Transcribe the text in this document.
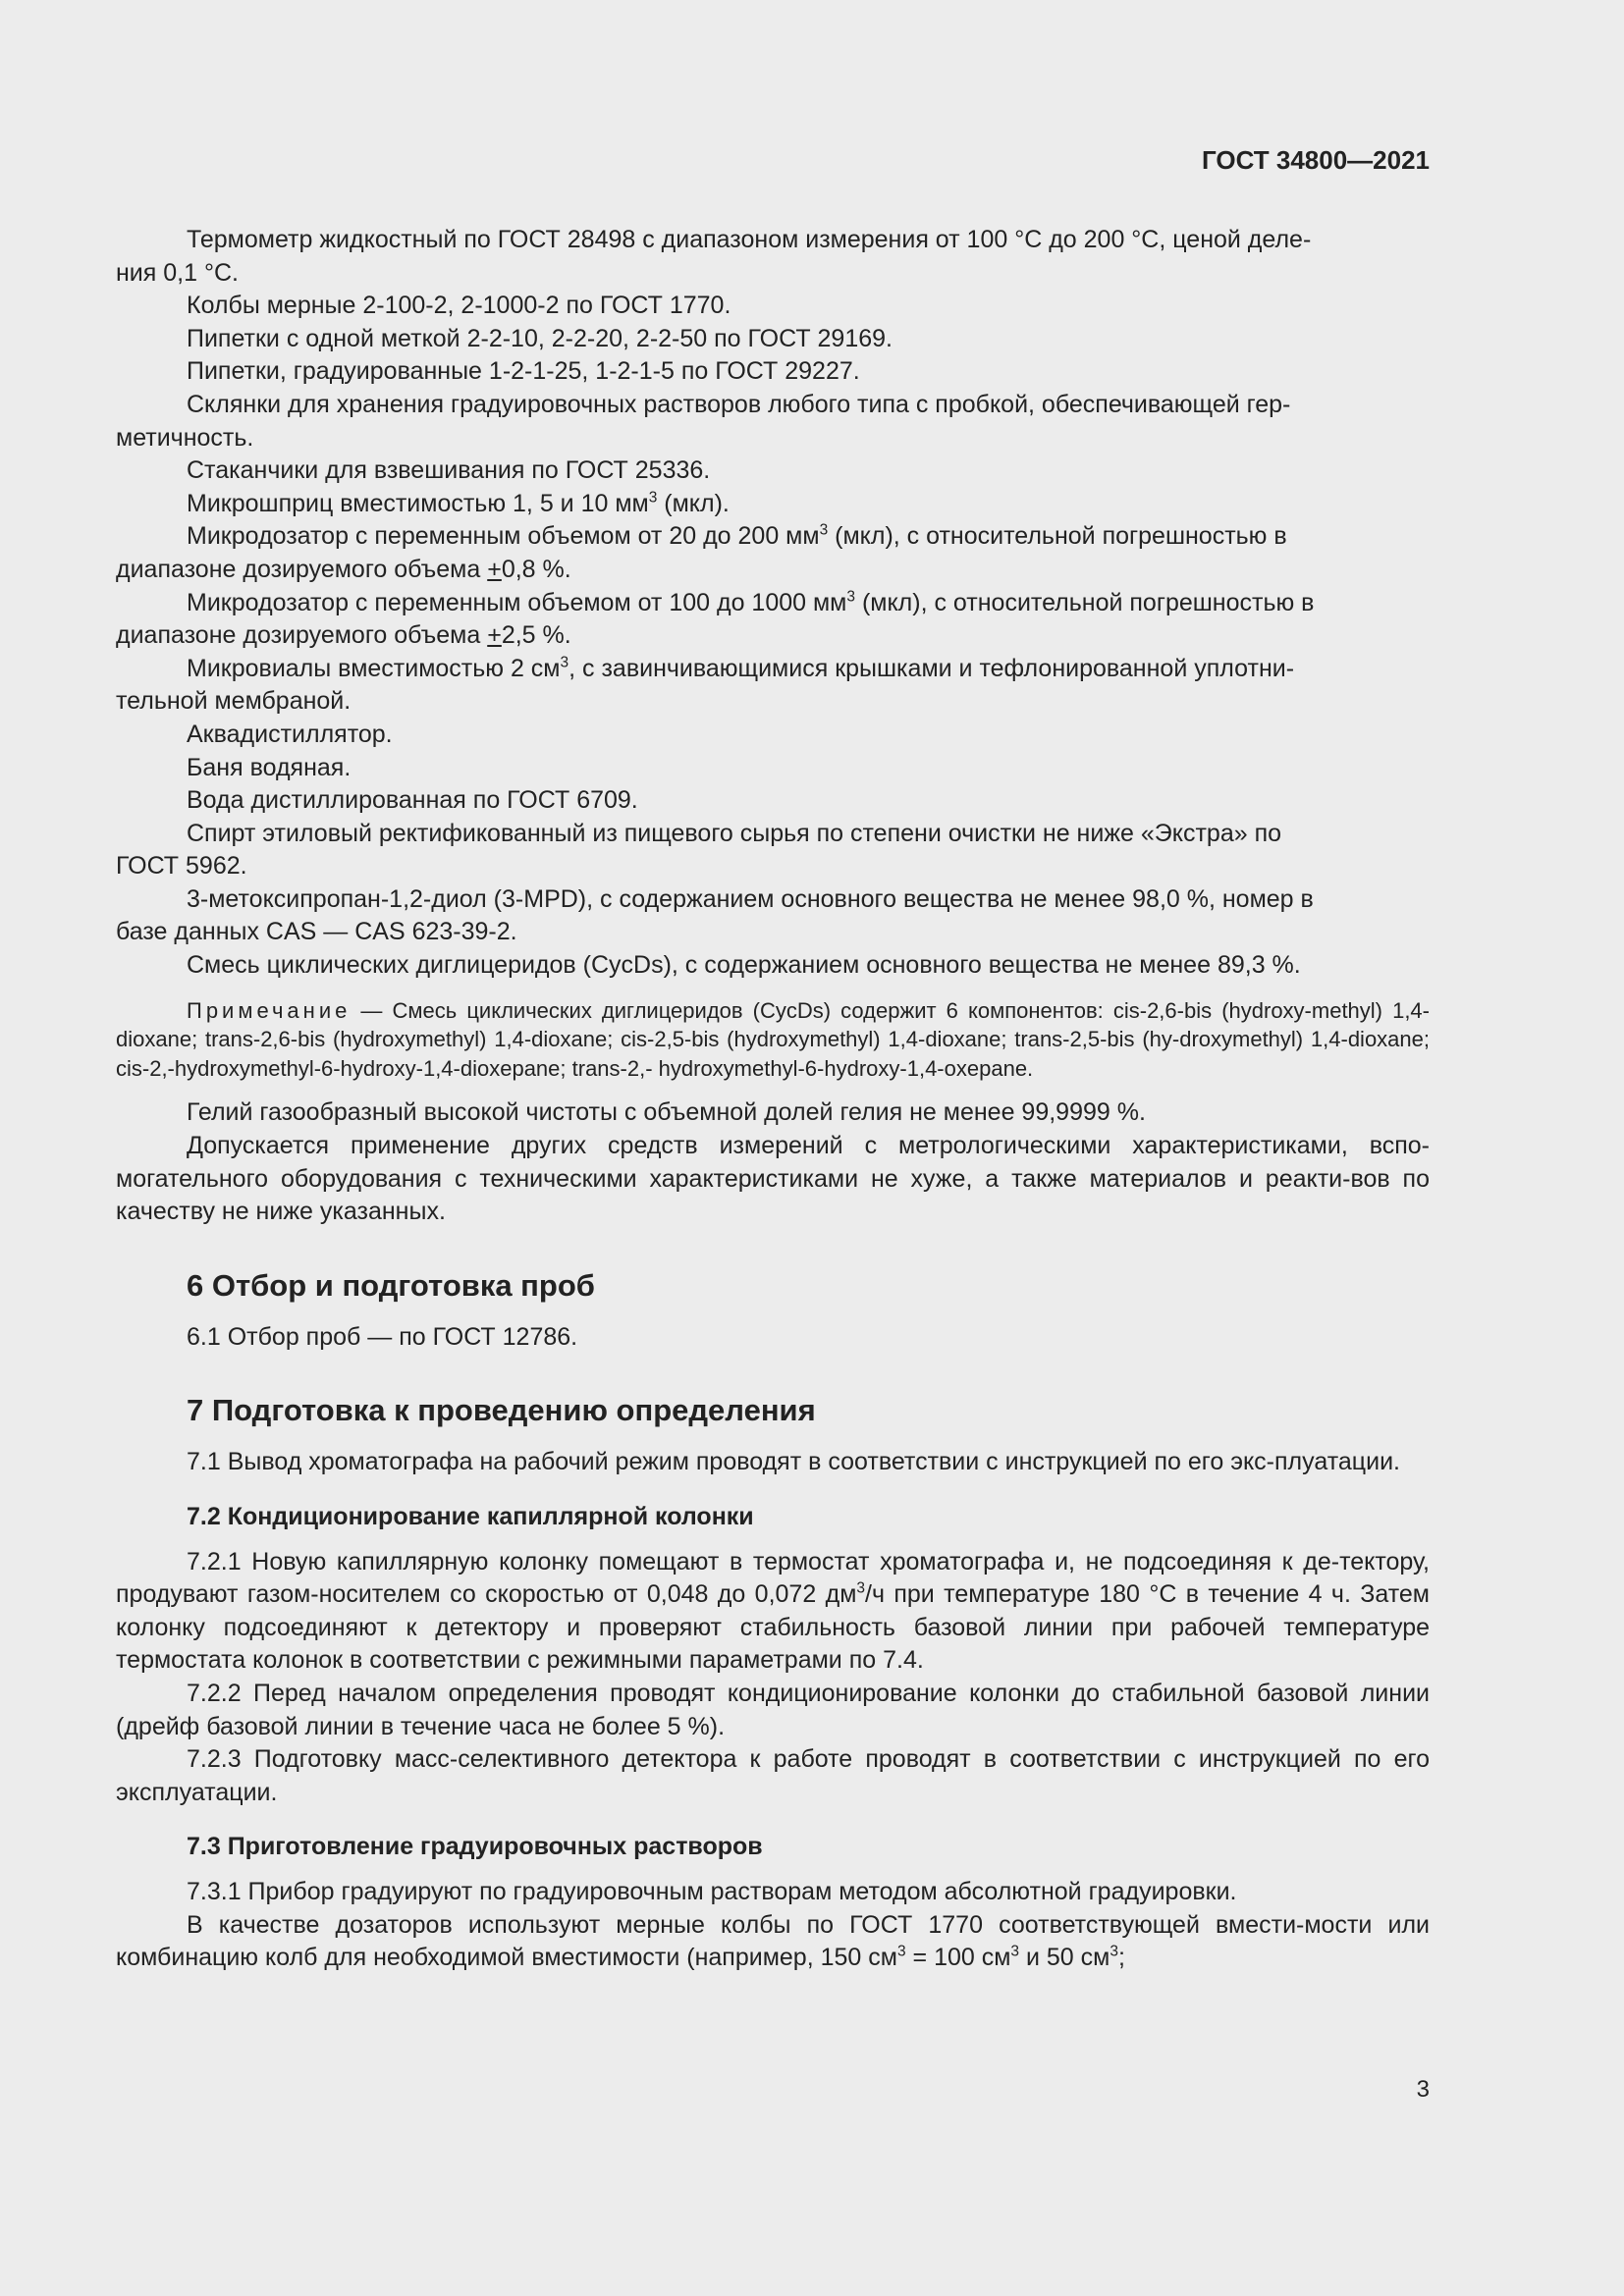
ГОСТ 34800—2021

Термометр жидкостный по ГОСТ 28498 с диапазоном измерения от 100 °С до 200 °С, ценой деле-
ния 0,1 °С.

Колбы мерные 2-100-2, 2-1000-2 по ГОСТ 1770.

Пипетки с одной меткой 2-2-10, 2-2-20, 2-2-50 по ГОСТ 29169.

Пипетки, градуированные 1-2-1-25, 1-2-1-5 по ГОСТ 29227.

Склянки для хранения градуировочных растворов любого типа с пробкой, обеспечивающей гер-
метичность.

Стаканчики для взвешивания по ГОСТ 25336.

Микрошприц вместимостью 1, 5 и 10 $мм^3$ (мкл).

Микродозатор с переменным объемом от 20 до 200 $мм^3$ (мкл), с относительной погрешностью в
диапазоне дозируемого объема +0,8 %.

Микродозатор с переменным объемом от 100 до 1000 $мм^3$ (мкл), с относительной погрешностью в
диапазоне дозируемого объема +2,5 %.

Микровиалы вместимостью 2 $см^3$, с завинчивающимися крышками и тефлонированной уплотни-
тельной мембраной.

Аквадистиллятор.

Баня водяная.

Вода дистиллированная по ГОСТ 6709.

Спирт этиловый ректификованный из пищевого сырья по степени очистки не ниже «Экстра» по
ГОСТ 5962.

3-метоксипропан-1,2-диол (3-MPD), с содержанием основного вещества не менее 98,0 %, номер в
базе данных CAS — CAS 623-39-2.

Смесь циклических диглицеридов (CycDs), с содержанием основного вещества не менее 89,3 %.

Примечание — Смесь циклических диглицеридов (CycDs) содержит 6 компонентов: cis-2,6-bis (hydroxy-methyl) 1,4-dioxane; trans-2,6-bis (hydroxymethyl) 1,4-dioxane; cis-2,5-bis (hydroxymethyl) 1,4-dioxane; trans-2,5-bis (hy-droxymethyl) 1,4-dioxane; cis-2,-hydroxymethyl-6-hydroxy-1,4-dioxepane; trans-2,- hydroxymethyl-6-hydroxy-1,4-oxepane.

Гелий газообразный высокой чистоты с объемной долей гелия не менее 99,9999 %.

Допускается применение других средств измерений с метрологическими характеристиками, вспо-могательного оборудования с техническими характеристиками не хуже, а также материалов и реакти-вов по качеству не ниже указанных.

6 Отбор и подготовка проб

6.1 Отбор проб — по ГОСТ 12786.

7 Подготовка к проведению определения

7.1 Вывод хроматографа на рабочий режим проводят в соответствии с инструкцией по его экс-плуатации.

7.2 Кондиционирование капиллярной колонки

7.2.1 Новую капиллярную колонку помещают в термостат хроматографа и, не подсоединяя к де-тектору, продувают газом-носителем со скоростью от 0,048 до 0,072 $дм^3/ч$ при температуре 180 °С в течение 4 ч. Затем колонку подсоединяют к детектору и проверяют стабильность базовой линии при рабочей температуре термостата колонок в соответствии с режимными параметрами по 7.4.

7.2.2 Перед началом определения проводят кондиционирование колонки до стабильной базовой линии (дрейф базовой линии в течение часа не более 5 %).

7.2.3 Подготовку масс-селективного детектора к работе проводят в соответствии с инструкцией по его эксплуатации.

7.3 Приготовление градуировочных растворов

7.3.1 Прибор градуируют по градуировочным растворам методом абсолютной градуировки.

В качестве дозаторов используют мерные колбы по ГОСТ 1770 соответствующей вмести-мости или комбинацию колб для необходимой вместимости (например, 150 $см^3 = 100$ $см^3$ и 50 $см^3$;

3
